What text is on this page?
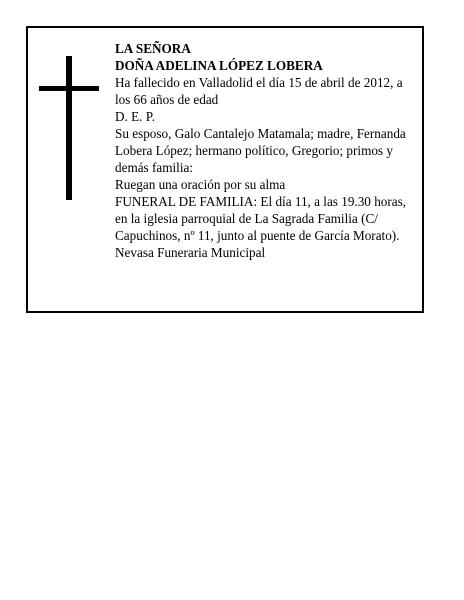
LA SEÑORA

DOÑA ADELINA LÓPEZ LOBERA

Ha fallecido en Valladolid el día 15 de abril de 2012, a los 66 años de edad

D. E. P.

Su esposo, Galo Cantalejo Matamala; madre, Fernanda Lobera López; hermano político, Gregorio; primos y demás familia:

Ruegan una oración por su alma

FUNERAL DE FAMILIA: El día 11, a las 19.30 horas, en la iglesia parroquial de La Sagrada Familia (C/ Capuchinos, nº 11, junto al puente de García Morato).

Nevasa Funeraria Municipal
